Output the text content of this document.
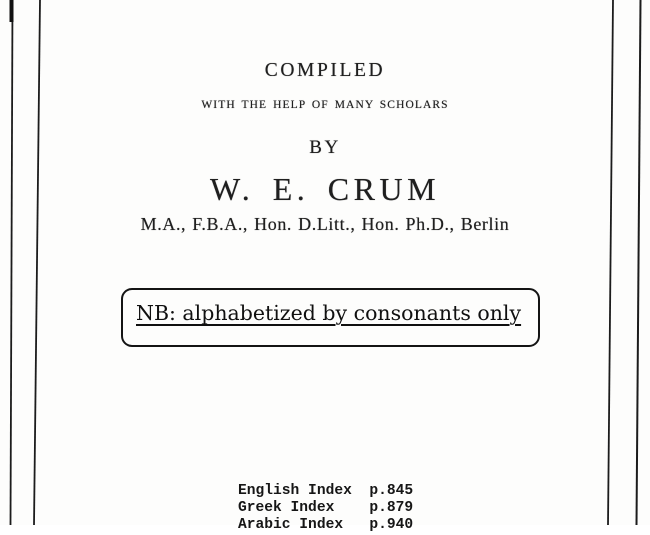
COMPILED
WITH THE HELP OF MANY SCHOLARS
BY
W. E. CRUM
M.A., F.B.A., Hon. D.Litt., Hon. Ph.D., Berlin
NB: alphabetized by consonants only
English Index  p.845
Greek Index    p.879
Arabic Index   p.940
